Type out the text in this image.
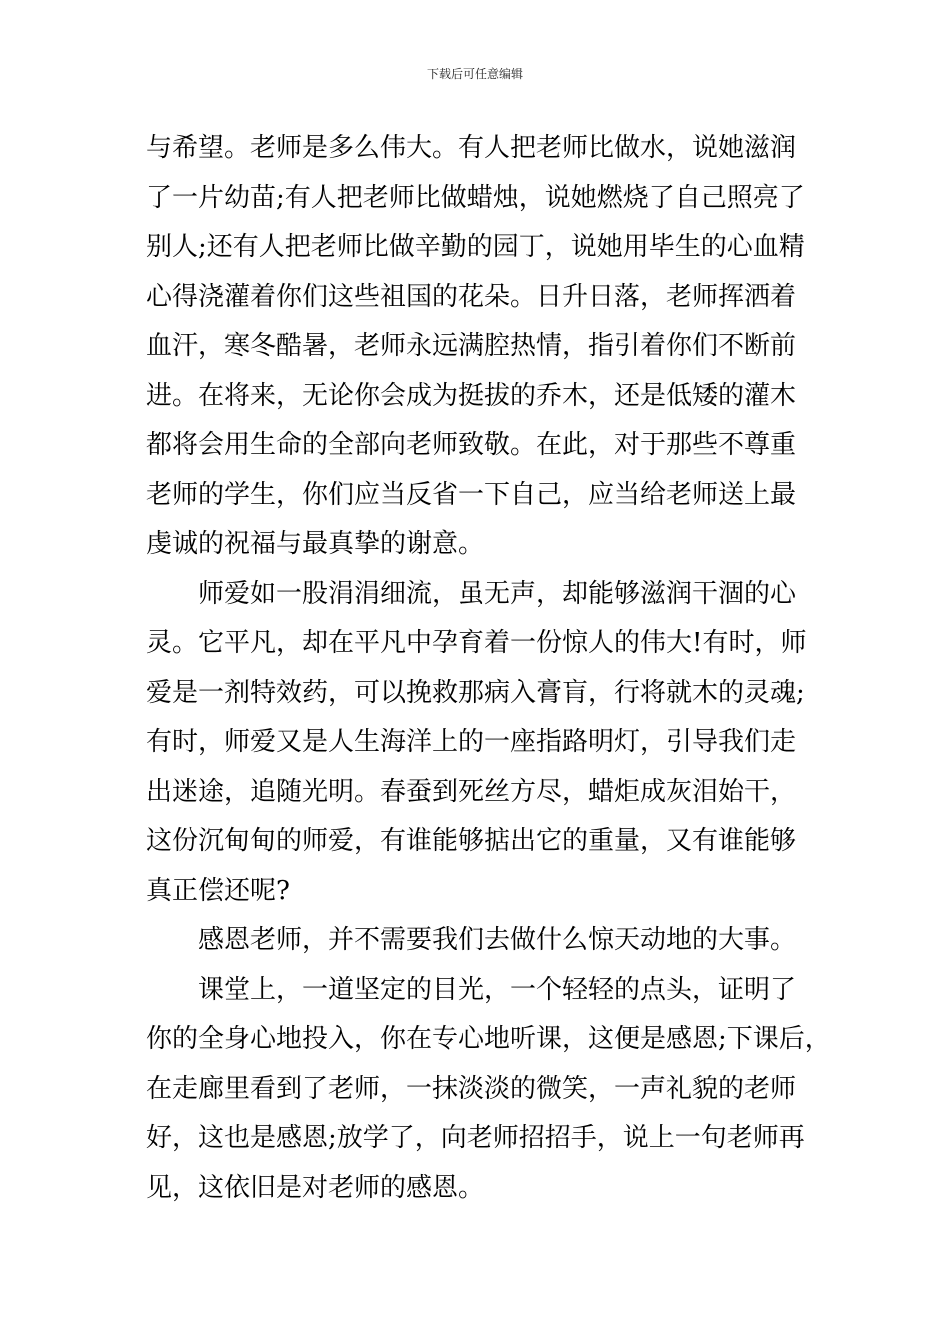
下载后可任意编辑
与希望。老师是多么伟大。有人把老师比做水，说她滋润
了一片幼苗;有人把老师比做蜡烛，说她燃烧了自己照亮了
别人;还有人把老师比做辛勤的园丁，说她用毕生的心血精
心得浇灌着你们这些祖国的花朵。日升日落，老师挥洒着
血汗，寒冬酷暑，老师永远满腔热情，指引着你们不断前
进。在将来，无论你会成为挺拔的乔木，还是低矮的灌木
都将会用生命的全部向老师致敬。在此，对于那些不尊重
老师的学生，你们应当反省一下自己，应当给老师送上最
虔诚的祝福与最真挚的谢意。
师爱如一股涓涓细流，虽无声，却能够滋润干涸的心
灵。它平凡，却在平凡中孕育着一份惊人的伟大!有时，师
爱是一剂特效药，可以挽救那病入膏肓，行将就木的灵魂;
有时，师爱又是人生海洋上的一座指路明灯，引导我们走
出迷途，追随光明。春蚕到死丝方尽，蜡炬成灰泪始干，
这份沉甸甸的师爱，有谁能够掂出它的重量，又有谁能够
真正偿还呢?
感恩老师，并不需要我们去做什么惊天动地的大事。
课堂上，一道坚定的目光，一个轻轻的点头，证明了
你的全身心地投入，你在专心地听课，这便是感恩;下课后，
在走廊里看到了老师，一抹淡淡的微笑，一声礼貌的老师
好，这也是感恩;放学了，向老师招招手，说上一句老师再
见，这依旧是对老师的感恩。
